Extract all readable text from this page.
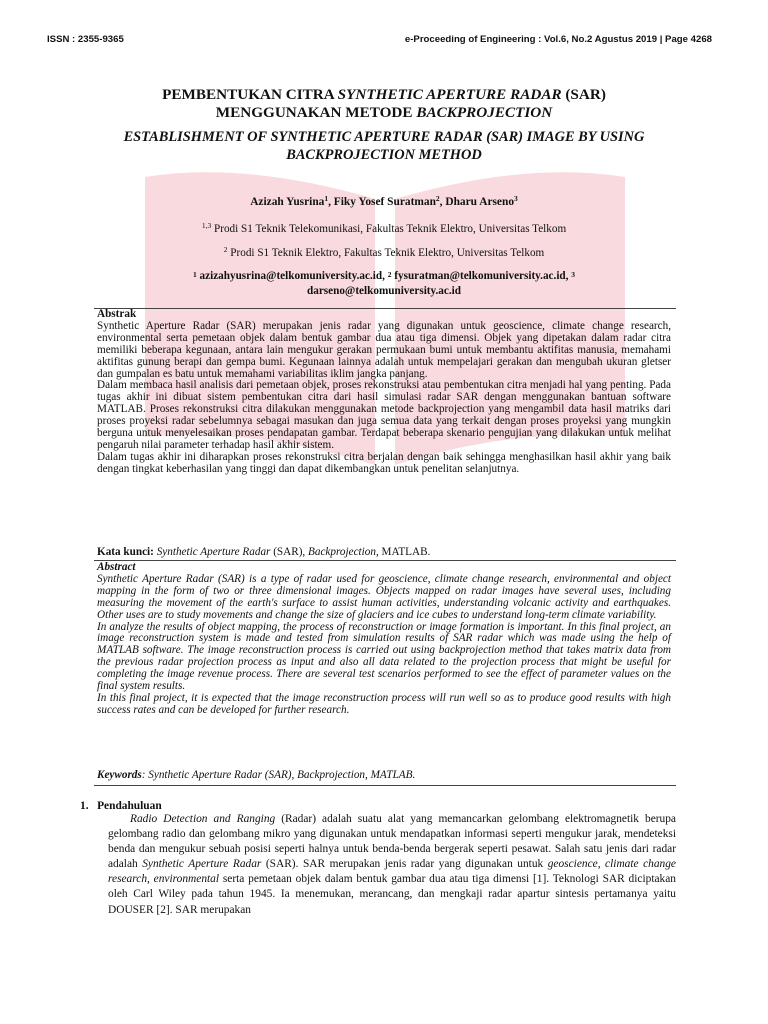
ISSN : 2355-9365	e-Proceeding of Engineering : Vol.6, No.2 Agustus 2019 | Page 4268
PEMBENTUKAN CITRA SYNTHETIC APERTURE RADAR (SAR)
MENGGUNAKAN METODE BACKPROJECTION
ESTABLISHMENT OF SYNTHETIC APERTURE RADAR (SAR) IMAGE BY USING
BACKPROJECTION METHOD
Azizah Yusrina$^1$, Fiky Yosef Suratman$^2$, Dharu Arseno$^3$
$^{1,3}$ Prodi S1 Teknik Telekomunikasi, Fakultas Teknik Elektro, Universitas Telkom
$^2$ Prodi S1 Teknik Elektro, Fakultas Teknik Elektro, Universitas Telkom
$^1$ azizahyusrina@telkomuniversity.ac.id, $^2$ fysuratman@telkomuniversity.ac.id, $^3$
darseno@telkomuniversity.ac.id

Abstrak

Synthetic Aperture Radar (SAR) merupakan jenis radar yang digunakan untuk geoscience, climate change research, environmental serta pemetaan objek dalam bentuk gambar dua atau tiga dimensi. Objek yang dipetakan dalam radar citra memiliki beberapa kegunaan, antara lain mengukur gerakan permukaan bumi untuk membantu aktifitas manusia, memahami aktifitas gunung berapi dan gempa bumi. Kegunaan lainnya adalah untuk mempelajari gerakan dan mengubah ukuran gletser dan gumpalan es batu untuk memahami variabilitas iklim jangka panjang.

Dalam membaca hasil analisis dari pemetaan objek, proses rekonstruksi atau pembentukan citra menjadi hal yang penting. Pada tugas akhir ini dibuat sistem pembentukan citra dari hasil simulasi radar SAR dengan menggunakan bantuan software MATLAB. Proses rekonstruksi citra dilakukan menggunakan metode backprojection yang mengambil data hasil matriks dari proses proyeksi radar sebelumnya sebagai masukan dan juga semua data yang terkait dengan proses proyeksi yang mungkin berguna untuk menyelesaikan proses pendapatan gambar. Terdapat beberapa skenario pengujian yang dilakukan untuk melihat pengaruh nilai parameter terhadap hasil akhir sistem.

Dalam tugas akhir ini diharapkan proses rekonstruksi citra berjalan dengan baik sehingga menghasilkan hasil akhir yang baik dengan tingkat keberhasilan yang tinggi dan dapat dikembangkan untuk penelitan selanjutnya.

Kata kunci: Synthetic Aperture Radar (SAR), Backprojection, MATLAB.

Abstract

Synthetic Aperture Radar (SAR) is a type of radar used for geoscience, climate change research, environmental and object mapping in the form of two or three dimensional images. Objects mapped on radar images have several uses, including measuring the movement of the earth's surface to assist human activities, understanding volcanic activity and earthquakes. Other uses are to study movements and change the size of glaciers and ice cubes to understand long-term climate variability.

In analyze the results of object mapping, the process of reconstruction or image formation is important. In this final project, an image reconstruction system is made and tested from simulation results of SAR radar which was made using the help of MATLAB software. The image reconstruction process is carried out using backprojection method that takes matrix data from the previous radar projection process as input and also all data related to the projection process that might be useful for completing the image revenue process. There are several test scenarios performed to see the effect of parameter values on the final system results.

In this final project, it is expected that the image reconstruction process will run well so as to produce good results with high success rates and can be developed for further research.

Keywords: Synthetic Aperture Radar (SAR), Backprojection, MATLAB.
1. Pendahuluan

Radio Detection and Ranging (Radar) adalah suatu alat yang memancarkan gelombang elektromagnetik berupa gelombang radio dan gelombang mikro yang digunakan untuk mendapatkan informasi seperti mengukur jarak, mendeteksi benda dan mengukur sebuah posisi seperti halnya untuk benda-benda bergerak seperti pesawat. Salah satu jenis dari radar adalah Synthetic Aperture Radar (SAR). SAR merupakan jenis radar yang digunakan untuk geoscience, climate change research, environmental serta pemetaan objek dalam bentuk gambar dua atau tiga dimensi [1]. Teknologi SAR diciptakan oleh Carl Wiley pada tahun 1945. Ia menemukan, merancang, dan mengkaji radar apartur sintesis pertamanya yaitu DOUSER [2]. SAR merupakan
